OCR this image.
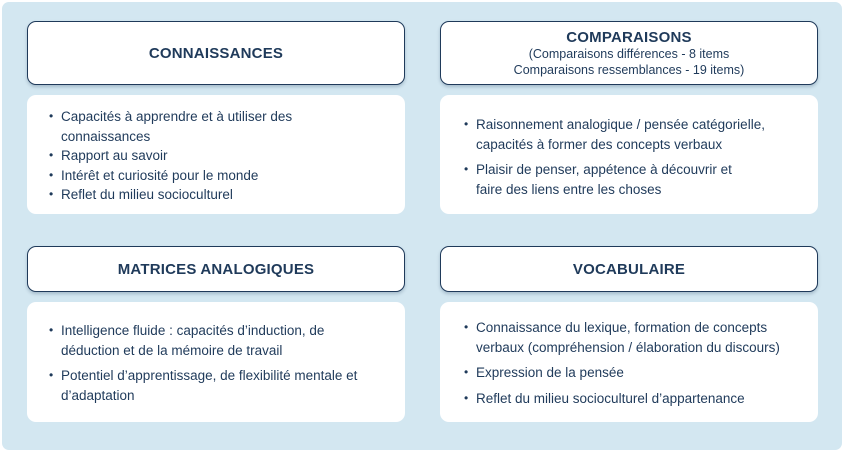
CONNAISSANCES
• Capacités à apprendre et à utiliser des connaissances
• Rapport au savoir
• Intérêt et curiosité pour le monde
• Reflet du milieu socioculturel
COMPARAISONS
(Comparaisons différences - 8 items
Comparaisons ressemblances - 19 items)
• Raisonnement analogique / pensée catégorielle, capacités à former des concepts verbaux
• Plaisir de penser, appétence à découvrir et faire des liens entre les choses
MATRICES ANALOGIQUES
• Intelligence fluide : capacités d’induction, de déduction et de la mémoire de travail
• Potentiel d’apprentissage, de flexibilité mentale et d’adaptation
VOCABULAIRE
• Connaissance du lexique, formation de concepts verbaux (compréhension / élaboration du discours)
• Expression de la pensée
• Reflet du milieu socioculturel d’appartenance
